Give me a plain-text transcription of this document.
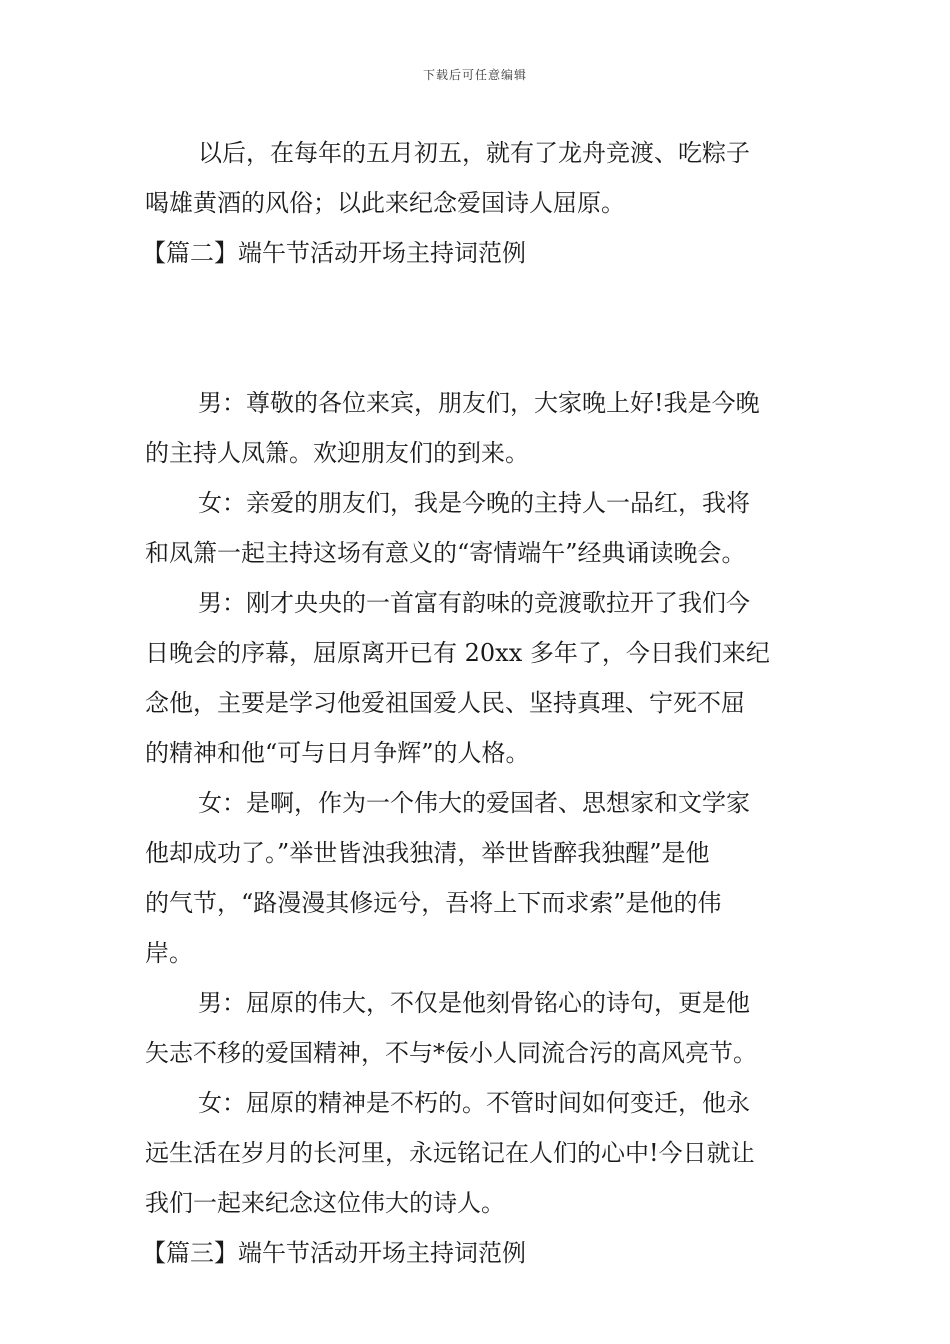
下载后可任意编辑
以后，在每年的五月初五，就有了龙舟竞渡、吃粽子
喝雄黄酒的风俗；以此来纪念爱国诗人屈原。
【篇二】端午节活动开场主持词范例
男：尊敬的各位来宾，朋友们，大家晚上好!我是今晚
的主持人凤箫。欢迎朋友们的到来。
女：亲爱的朋友们，我是今晚的主持人一品红，我将
和凤箫一起主持这场有意义的“寄情端午”经典诵读晚会。
男：刚才央央的一首富有韵味的竞渡歌拉开了我们今
日晚会的序幕，屈原离开已有 20xx 多年了，今日我们来纪
念他，主要是学习他爱祖国爱人民、坚持真理、宁死不屈
的精神和他“可与日月争辉”的人格。
女：是啊，作为一个伟大的爱国者、思想家和文学家
他却成功了。”举世皆浊我独清，举世皆醉我独醒”是他
的气节，“路漫漫其修远兮，吾将上下而求索”是他的伟
岸。
男：屈原的伟大，不仅是他刻骨铭心的诗句，更是他
矢志不移的爱国精神，不与*佞小人同流合污的高风亮节。
女：屈原的精神是不朽的。不管时间如何变迁，他永
远生活在岁月的长河里，永远铭记在人们的心中!今日就让
我们一起来纪念这位伟大的诗人。
【篇三】端午节活动开场主持词范例
